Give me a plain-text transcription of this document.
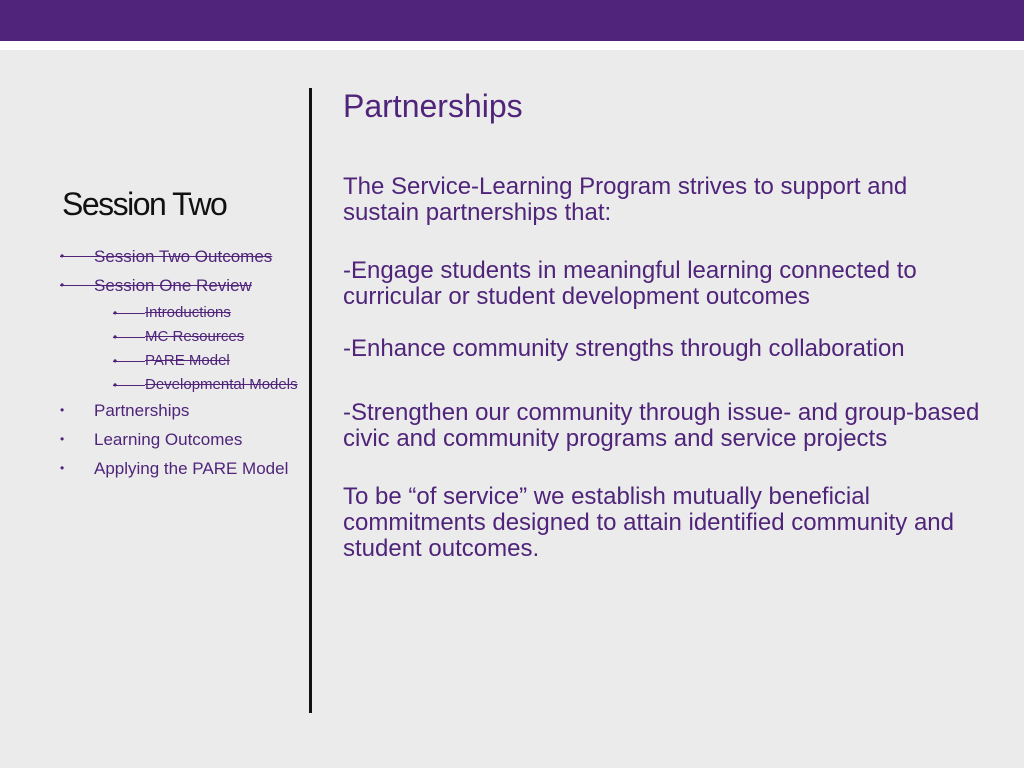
Session Two
Session Two Outcomes
Session One Review
Introductions
MC Resources
PARE Model
Developmental Models
• Partnerships
• Learning Outcomes
• Applying the PARE Model
Partnerships

The Service-Learning Program strives to support and sustain partnerships that:

-Engage students in meaningful learning connected to curricular or student development outcomes

-Enhance community strengths through collaboration

-Strengthen our community through issue- and group-based civic and community programs and service projects

To be “of service” we establish mutually beneficial commitments designed to attain identified community and student outcomes.
